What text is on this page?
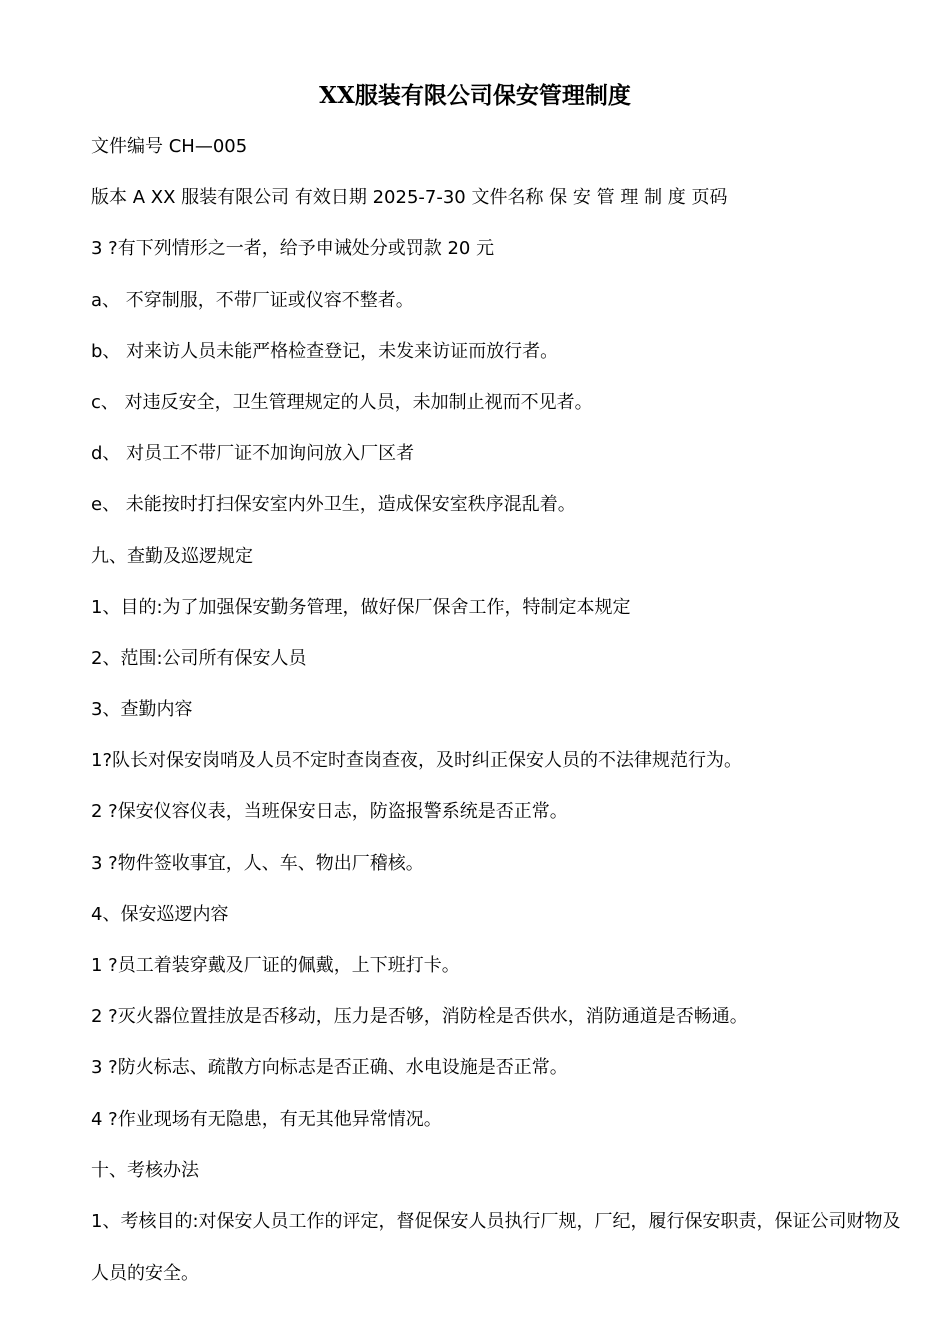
XX服装有限公司保安管理制度

文件编号 CH—005

版本 A XX 服装有限公司 有效日期 2025-7-30 文件名称 保 安 管 理 制 度 页码

3 ?有下列情形之一者，给予申诫处分或罚款 20 元

a、 不穿制服，不带厂证或仪容不整者。

b、 对来访人员未能严格检查登记，未发来访证而放行者。

c、 对违反安全，卫生管理规定的人员，未加制止视而不见者。

d、 对员工不带厂证不加询问放入厂区者

e、 未能按时打扫保安室内外卫生，造成保安室秩序混乱着。

九、查勤及巡逻规定

1、目的:为了加强保安勤务管理，做好保厂保舍工作，特制定本规定

2、范围:公司所有保安人员

3、查勤内容

1?队长对保安岗哨及人员不定时查岗查夜，及时纠正保安人员的不法律规范行为。

2 ?保安仪容仪表，当班保安日志，防盗报警系统是否正常。

3 ?物件签收事宜，人、车、物出厂稽核。

4、保安巡逻内容

1 ?员工着装穿戴及厂证的佩戴，上下班打卡。

2 ?灭火器位置挂放是否移动，压力是否够，消防栓是否供水，消防通道是否畅通。

3 ?防火标志、疏散方向标志是否正确、水电设施是否正常。

4 ?作业现场有无隐患，有无其他异常情况。

十、考核办法

1、考核目的:对保安人员工作的评定，督促保安人员执行厂规，厂纪，履行保安职责，保证公司财物及人员的安全。
